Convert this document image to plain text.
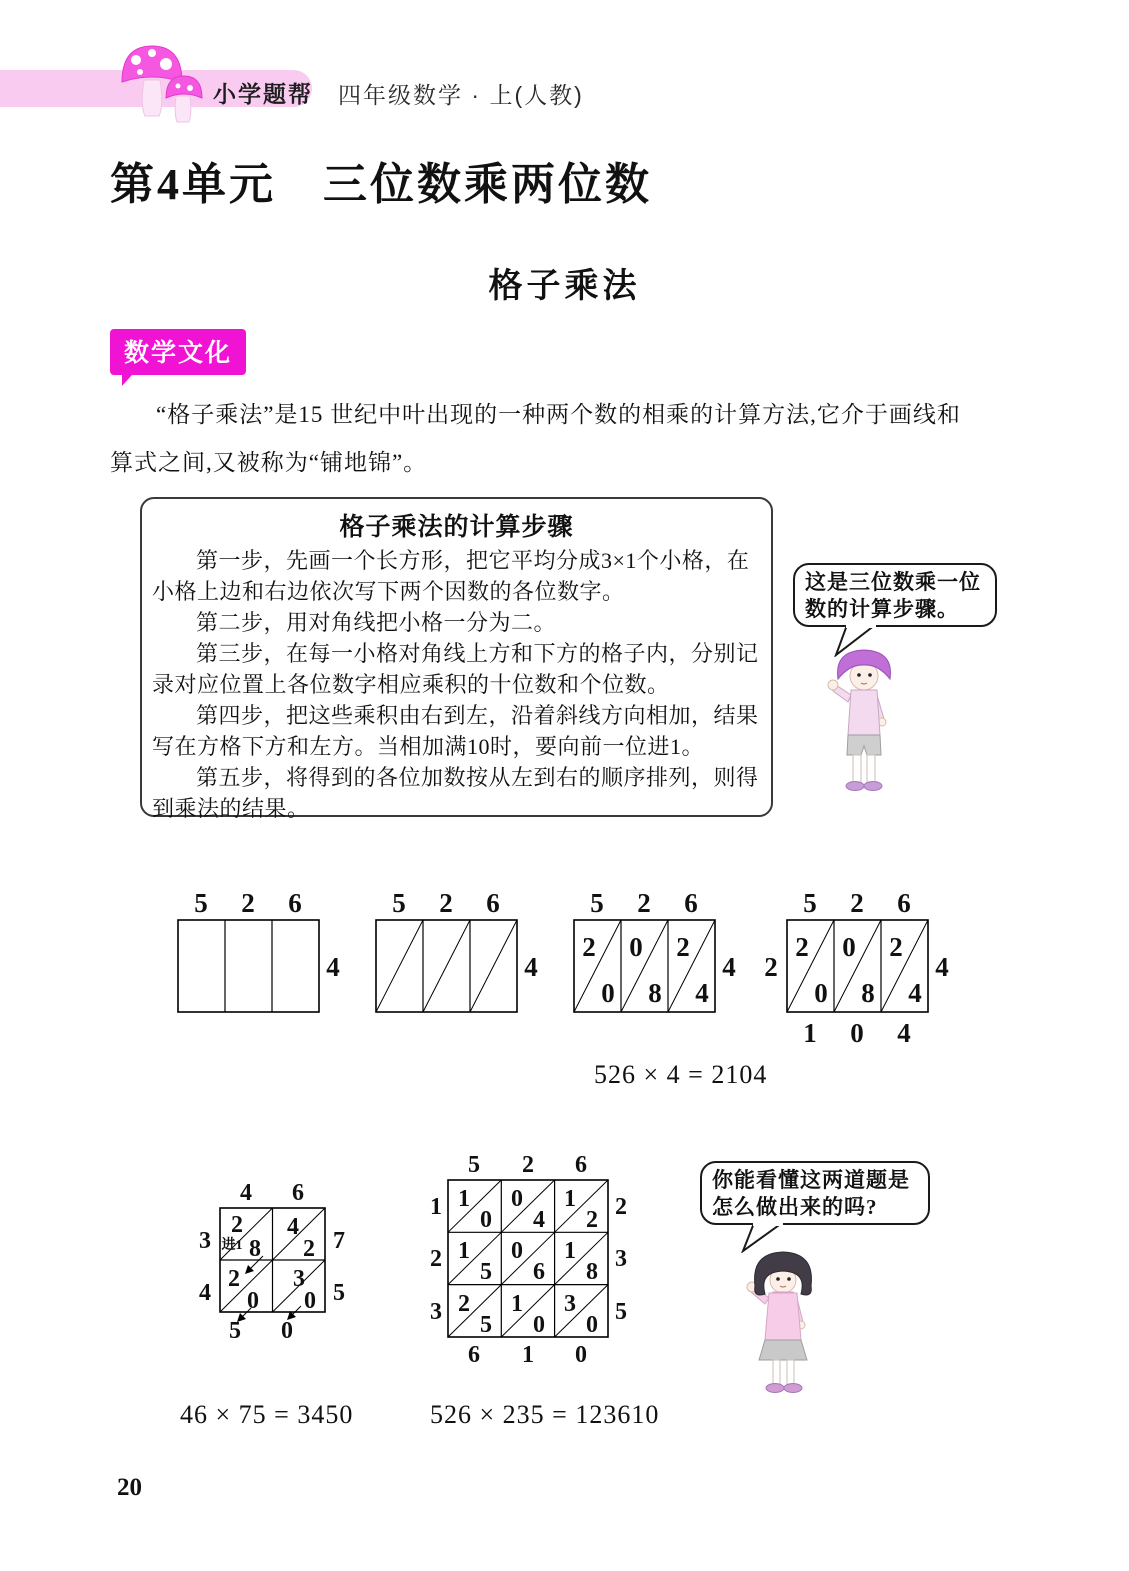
小学题帮 四年级数学 · 上(人教)
第4单元　三位数乘两位数
格子乘法
数学文化
“格子乘法”是15 世纪中叶出现的一种两个数的相乘的计算方法,它介于画线和
算式之间,又被称为“铺地锦”。
格子乘法的计算步骤

第一步，先画一个长方形，把它平均分成3×1个小格，在小格上边和右边依次写下两个因数的各位数字。

第二步，用对角线把小格一分为二。

第三步，在每一小格对角线上方和下方的格子内，分别记录对应位置上各位数字相应乘积的十位数和个位数。

第四步，把这些乘积由右到左，沿着斜线方向相加，结果写在方格下方和左方。当相加满10时，要向前一位进1。

第五步，将得到的各位加数按从左到右的顺序排列，则得到乘法的结果。

这是三位数乘一位
数的计算步骤。
5 2 6
4
5 2 6
4
5 2 6
4
2 0 2
0 8 4
5 2 6
4
2
2 0 2
0 8 4
1 0 4
526 × 4 = 2104
4 6
3
4
7
5
5 0
2
进1 8
4
2
2
0
3
0
5 2 6
1
2
3
2
3
5
6 1 0
1
0
0
4
1
2
1
5
0
6
1
8
2
5
1
0
3
0
你能看懂这两道题是
怎么做出来的吗?
46 × 75 = 3450	526 × 235 = 123610
20
